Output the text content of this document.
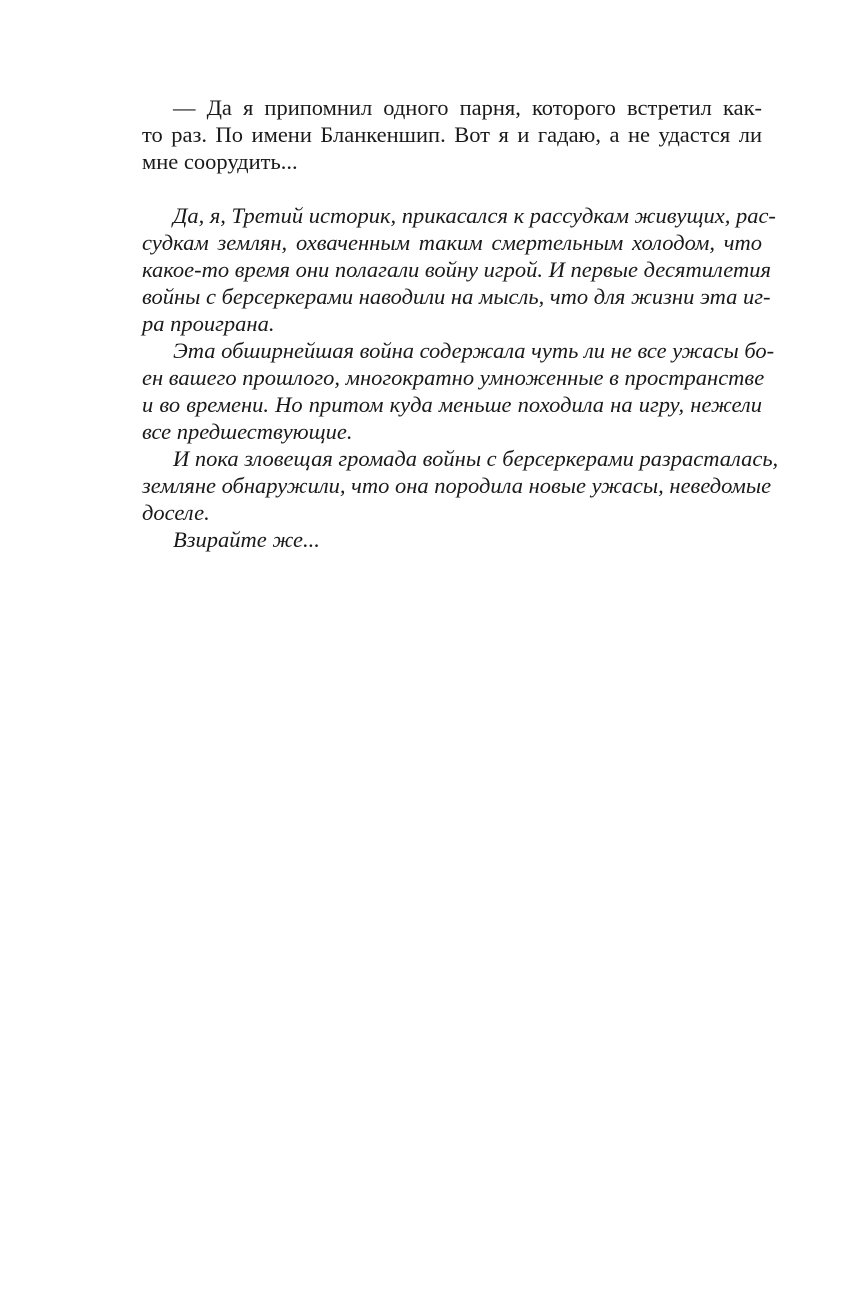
— Да я припомнил одного парня, которого встретил как-
то раз. По имени Бланкеншип. Вот я и гадаю, а не удастся ли
мне соорудить...
Да, я, Третий историк, прикасался к рассудкам живущих, рас-
судкам землян, охваченным таким смертельным холодом, что
какое-то время они полагали войну игрой. И первые десятилетия
войны с берсеркерами наводили на мысль, что для жизни эта иг-
ра проиграна.
Эта обширнейшая война содержала чуть ли не все ужасы бо-
ен вашего прошлого, многократно умноженные в пространстве
и во времени. Но притом куда меньше походила на игру, нежели
все предшествующие.
И пока зловещая громада войны с берсеркерами разрасталась,
земляне обнаружили, что она породила новые ужасы, неведомые
доселе.
Взирайте же...
